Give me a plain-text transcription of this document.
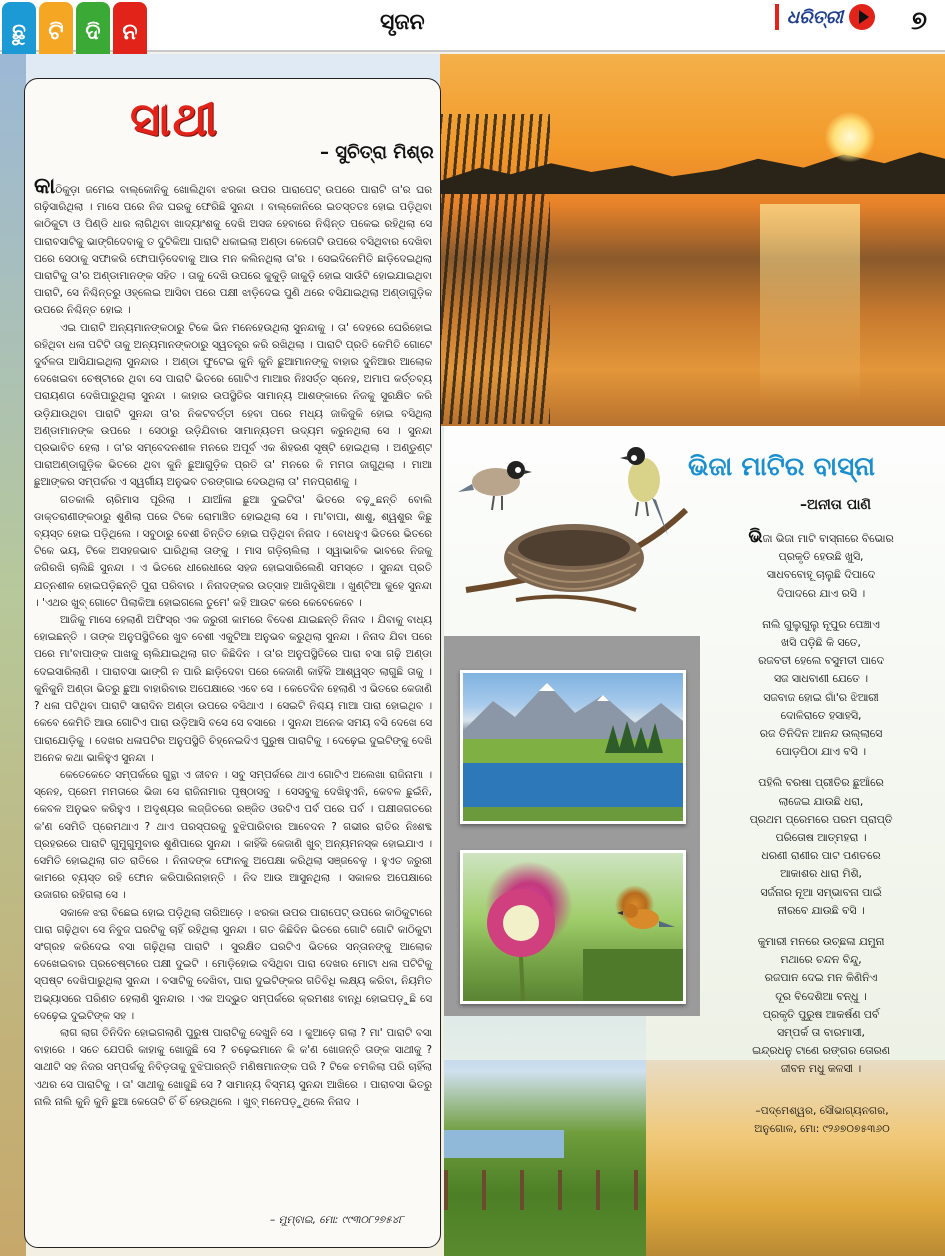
ଛୁ	ଟି ଦି ନ	ସୃଜନ	ଧରିତ୍ରୀ	୭
ସାଥୀ
– ସୁଚିତ୍ରା ମିଶ୍ର

କାଠିକୁଡ଼ା ଜମେଇ ବାଲ୍‌କୋନିକୁ ଖୋଲିଥିବା ଝରକା ଉପର ପାରାପେଟ୍ ଉପରେ ପାରାଟି ତା'ର ଘର ଗଢ଼ିସାରିଥିଲା । ମାସେ ପରେ ନିଜ ଘରକୁ ଫେରିଛି ସୁନନ୍ଦା । ବାଲ୍‌କୋନିରେ ଇତସ୍ତତଃ ହୋଇ ପଡ଼ିଥିବା କାଠିକୁଟା ଓ ପିଣ୍ଡି ଧାର ଲାଗିଥିବା ଖାଦ୍ୟାଂଶକୁ ଦେଖି ଅସଜ ହେବାରେ ନିଶ୍ଚିନ୍ତ ପକେଇ ରହିଥିଲା ସେ ପାରାବସାଟିକୁ ଭାଙ୍ଗିଦେବାକୁ ତ ଦୁଟିକିଆ ପାରାଟି ଧକାଇଲା ଅଣ୍ଡା କେତୋଟି ଉପରେ ବସିଥିବାର ଦେଖିବା ପରେ ସେଠାକୁ ସଫାକରି ଫୋପାଡ଼ିଦେବାକୁ ଆଉ ମନ କଲିନଥିଲା ତା'ର । ସେଇଦିନେମିତି ଛାଡ଼ିଦେଇଥିଲା ପାରାଟିକୁ ତା'ର ଅଣ୍ଡାମାନଙ୍କ ସହିତ । ତାକୁ ଦେଖି ଉପରେ କୁକୁଡ଼ି ଜାକୁଡ଼ି ହୋଇ ସାଉଁଟି ହୋଇଯାଇଥିବା ପାରାଟି, ସେ ନିଶ୍ଚିନ୍ତରୁ ଓହ୍ଲେଇ ଆସିବା ପରେ ପକ୍ଷୀ ଝାଡ଼ିଦେଇ ପୁଣି ଥରେ ବସିଯାଇଥିଲା ଅଣ୍ଡାଗୁଡ଼ିକ ଉପରେ ନିଶ୍ଚିନ୍ତ ହୋଇ ।

ଏଇ ପାରାଟି ଅନ୍ୟମାନଙ୍କଠାରୁ ଟିକେ ଭିନ ମନେହେଉଥିଲା ସୁନନ୍ଦାକୁ । ତା' ଦେହରେ ଘେରିହୋଇ ରହିଥିବା ଧଳା ପଟିଟି ତାକୁ ଅନ୍ୟମାନଙ୍କଠାରୁ ସ୍ୱତନ୍ତ୍ର କରି ରଖିଥିଲା । ପାରାଟି ପ୍ରତି କେମିତି ଗୋଟେ ଦୁର୍ବଳତା ଆସିଯାଇଥିଲା ସୁନନ୍ଦାର । ଅଣ୍ଡା ଫୁଟେଇ କୁନି କୁନି ଛୁଆମାନଙ୍କୁ ବାହାର ଦୁନିଆର ଆଲୋକ ଦେଖେଇବା ଚେଷ୍ଟାରେ ଥିବା ସେ ପାରାଟି ଭିତରେ ଗୋଟିଏ ମାଆର ନିଃସର୍ତ୍ତ ସ୍ନେହ, ଅମାପ କର୍ତ୍ତବ୍ୟ ପରାୟଣତା ଦେଖିପାରୁଥିଲା ସୁନନ୍ଦା । କାହାର ଉପସ୍ଥିତିର ସାମାନ୍ୟ ଆଶଙ୍କାରେ ନିଜକୁ ସୁରକ୍ଷିତ କରି ଉଡ଼ିଯାଉଥିବା ପାରାଟି ସୁନନ୍ଦା ତା'ର ନିକଟବର୍ତ୍ତୀ ହେବା ପରେ ମଧ୍ୟ ଜାକିଜୁକି ହୋଇ ବସିଥିଲା ଅଣ୍ଡାମାନଙ୍କ ଉପରେ । ସେଠାରୁ ଉଡ଼ିଯିବାର ସାମାନ୍ୟତମ ଉଦ୍ୟମ କରୁନଥିଲା ସେ । ସୁନନ୍ଦା ପ୍ରଭାବିତ ହେଲା । ତା'ର ସମ୍ବେଦନଶୀଳ ମନରେ ଅପୂର୍ବ ଏକ ଶିହରଣ ସୃଷ୍ଟି ହୋଇଥିଲା । ଅଣ୍ଡୁଣ୍ଟ ପାରାଅଣ୍ଡାଗୁଡ଼ିକ ଭିତରେ ଥିବା କୁନି ଛୁଆଗୁଡ଼ିକ ପ୍ରତି ତା' ମନରେ କି ମମତା ଜାଗୁଥିଲା । ମାଆ ଛୁଆଙ୍କର ସମ୍ପର୍କର ଏ ସ୍ୱର୍ଗୀୟ ଅନୁଭବ ତରଙ୍ଗାଇ ଦେଉଥିଲା ତା' ମନପ୍ରାଣକୁ ।

ଗତକାଲି ଚାରିମାସ ପୂରିଲା । ଯାଆଁଳା ଛୁଆ ଦୁଇଟିତା' ଭିତରେ ବଢ଼ୁଛନ୍ତି ବୋଲି ଡାକ୍ତରାଣୀଙ୍କଠାରୁ ଶୁଣିଲା ପରେ ଟିକେ ରୋମାଞ୍ଚିତ ହୋଇଥିଲା ସେ । ମା'ବାପା, ଶାଶୁ, ଶ୍ୱଶୁର କିଛୁ ବ୍ୟସ୍ତ ହୋଇ ପଡ଼ିଥିଲେ । ସବୁଠାରୁ ବେଶୀ ଚିନ୍ତିତ ହୋଇ ପଡ଼ିଥିବା ନିନାଦ । ବୋଧହୁଏ ଭିତରେ ଭିତରେ ଟିକେ ଭୟ, ଟିକେ ଅସହଜଭାବ ଘାରିଥିଲା ତାଙ୍କୁ । ମାସ ଗଡ଼ିଚାଲିଲା । ସ୍ୱାଭାବିକ ଭାବରେ ନିଜକୁ ଜଗିରଖି ଚାଲିଛି ସୁନନ୍ଦା । ଏ ଭିତରେ ଧୀରେଧୀରେ ସହଜ ହୋଇସାରିଲେଣି ସମସ୍ତେ । ସୁନନ୍ଦା ପ୍ରତି ଯତ୍ନଶୀଳ ହୋଇପଡ଼ିଛନ୍ତି ପୁରା ପରିବାର । ନିନାଦଙ୍କର ଉତ୍ସାହ ଆଖିଦୃଶିଆ । ଖୁଣ୍ଟିଆ କୁହେ ସୁନନ୍ଦା । 'ଏଥର ଖୁବ୍ ଗୋଟେ ପିଲାକିଆ ହୋଇଗଲେ ତୁମେ' କହି ଆଉଟ କରେ କେବେକେବେ ।

ଆଜିକୁ ମାସେ ହେଲାଣି ଅଫିସ୍‌ର ଏକ ଜରୁରୀ କାମରେ ବିଦେଶ ଯାଇଛନ୍ତି ନିନାଦ । ଯିବାକୁ ବାଧ୍ୟ ହୋଇଛନ୍ତି । ତାଙ୍କ ଅନୁପସ୍ଥିତିରେ ଖୁବ ବେଶୀ ଏକୁଟିଆ ଅନୁଭବ କରୁଥିଲା ସୁନନ୍ଦା । ନିନାଦ ଯିବା ପରେ ପରେ ମା'ବାପାଙ୍କ ପାଖକୁ ଚାଲିଯାଇଥିଲା ଗତ କିଛିଦିନ । ତା'ର ଅନୁପସ୍ଥିତିରେ ପାରା ବସା ଗଢ଼ି ଅଣ୍ଡା ଦେଇସାରିଲାଣି । ପାରାବସା ଭାଙ୍ଗି ନ ପାରି ଛାଡ଼ିଦେବା ପରେ କେଜାଣି କାହିଁକି ଆଶ୍ୱସ୍ତ ଲାଗୁଛି ତାକୁ । କୁନିକୁନି ଅଣ୍ଡା ଭିତରୁ ଛୁଆ ବାହାରିବାର ଅପେକ୍ଷାରେ ଏବେ ସେ । କେତେଦିନ ହେଲାଣି ଏ ଭିତରେ କେଜାଣି ? ଧଳା ପଟିଥିବା ପାରାଟି ସାରାଦିନ ଅଣ୍ଡା ଉପରେ ବସିଥାଏ । ସେଇଟି ନିଶ୍ଚୟ ମାଆ ପାରା ହୋଇଥିବ । କେବେ କେମିତି ଆଉ ଗୋଟିଏ ପାରା ଉଡ଼ିଆସି ବସେ ସେ ବସାରେ । ସୁନନ୍ଦା ଅନେକ ସମୟ ବସି ଦେଖେ ସେ ପାରାଯୋଡ଼ିକୁ । ଦେଖର ଧଳାପଟିର ଅନୁପସ୍ଥିତି ଚିହ୍ନେଇଦିଏ ପୁରୁଷ ପାରାଟିକୁ । ଦେଢ଼େଇ ଦୁଇଟିଙ୍କୁ ଦେଖି ଅନେକ କଥା ଭାଳିହୁଏ ସୁନନ୍ଦା ।

କେତେକେତେ ସମ୍ପର୍କରେ ଗୁନ୍ଥା ଏ ଜୀବନ । ସବୁ ସମ୍ପର୍କରେ ଥାଏ ଗୋଟିଏ ଅଲେଖା ରାଜିନାମା । ସ୍ନେହ, ପ୍ରେମ ମମତାରେ ଭିଜା ସେ ରାଜିନାମାର ପୃଷ୍ଠାସବୁ । ସେସବୁକୁ ଦେଖିହୁଏନି, କେବଳ ଛୁଇଁନି, କେବଳ ଅନୁଭବ କରିହୁଏ । ଅଦୃଶ୍ୟର ଲଜ୍ଜିତରେ ରଞ୍ଜିତ ଓରଟିଏ ପର୍ବ ପରେ ପର୍ବ । ପକ୍ଷୀଜଗତରେ କ'ଣ ସେମିତି ପ୍ରେମଥାଏ ? ଥାଏ ପରସ୍ପରକୁ ବୁଝିପାରିବାର ଆବେଦନ ? ଗଭୀର ରାତିର ନିଃଶବ୍ଦ ପ୍ରହରରେ ପାରାଟି ଗୁମୁଗୁମୁବାର ଶୁଣିପାରେ ସୁନନ୍ଦା । କାହିଁକି କେଜାଣି ଖୁବ୍ ଅନ୍ୟମନସ୍କ ହୋଇଯାଏ । ସେମିତି ହୋଇଥିଲା ଗତ ରାତିରେ । ନିନାଦଙ୍କ ଫୋନକୁ ଅପେକ୍ଷା କରିଥିଲା ସଞ୍ଜବେଳୁ । ହୁଏତ ଜରୁରୀ କାମରେ ବ୍ୟସ୍ତ ରହି ଫୋନ କରିପାରିନାହାନ୍ତି । ନିଦ ଆଉ ଆସୁନଥିଲା । ସକାଳର ଅପେକ୍ଷାରେ ଉଜାଗର ରହିଗଲା ସେ ।

ସକାଳେ ଝରା ବିଛେଇ ହୋଇ ପଡ଼ିଥିଲା ତାରିଆଡ଼େ । ଝରକା ଉପର ପାରାପେଟ୍ ଉପରେ କାଠିକୁଟାରେ ପାରା ଗଢ଼ିଥିବା ସେ ନିବୁଜ ଘରଟିକୁ ଚାହିଁ ରହିଥିଲା ସୁନନ୍ଦା । ଗତ କିଛିଦିନ ଭିତରେ ଗୋଟି ଗୋଟି କାଠିକୁଟା ସଂଗ୍ରହ କରିଦେଇ ବସା ଗଢ଼ିଥିଲା ପାରାଟି । ସୁରକ୍ଷିତ ଘରଟିଏ ଭିତରେ ସନ୍ତାନଙ୍କୁ ଆଲୋକ ଦେଖେଇବାର ପ୍ରଚେଷ୍ଟାରେ ପକ୍ଷୀ ଦୁଇଟି । ମୋଡ଼ିହୋଇ ବସିଥିବା ପାରା ଦେଖର ମୋଟା ଧଳା ପଟିଟିକୁ ସ୍ପଷ୍ଟ ଦେଖିପାରୁଥିଲା ସୁନନ୍ଦା । ବସାଟିକୁ ଦେଖିବା, ପାରା ଦୁଇଟିଙ୍କର ଗତିବିଧି ଲକ୍ଷ୍ୟ କରିବା, ନିୟମିତ ଅଭ୍ୟାସରେ ପରିଣତ ହେଲାଣି ସୁନନ୍ଦାର । ଏକ ଅଦ୍ଭୁତ ସମ୍ପର୍କରେ କ୍ରମଶଃ ବାନ୍ଧି ହୋଇପଡ଼ୁଛି ସେ ଦେଢ଼େଇ ଦୁଇଟିଙ୍କ ସହ ।

ଲାଗ ଲାଗ ତିନିଦିନ ହୋଇଗଲାଣି ପୁରୁଷ ପାରାଟିକୁ ଦେଖୁନି ସେ । କୁଆଡ଼େ ଗଲା ? ମା' ପାରାଟି ବସା ବାହାରେ । ସତେ ଯେପରି କାହାକୁ ଖୋଜୁଛି ସେ ? ଚଢ଼େଇମାନେ କି କ'ଣ ଖୋଜନ୍ତି ତାଙ୍କ ସାଥୀକୁ ? ସାଥୀଟି ସହ ନିଜର ସମ୍ପର୍କକୁ ନିବିଡ଼ତାକୁ ବୁଝିପାରନ୍ତି ମଣିଷମାନଙ୍କ ପରି ? ଟିକେ ଚମକିଲା ପରି ଚାହିଁଲା ଏଥର ସେ ପାରାଟିକୁ । ତା' ସାଥୀକୁ ଖୋଜୁଛି ସେ ? ସାମାନ୍ୟ ବିସ୍ମୟ ସୁନନ୍ଦା ଆଖିରେ । ପାରାବସା ଭିତରୁ ନାଲି ନାଲି କୁନି କୁନି ଛୁଆ କେତୋଟି ଚିଁ ଚିଁ ହେଉଥିଲେ । ଖୁବ୍ ମନେପଡ଼ୁଥିଲେ ନିନାଦ ।

– ମୁମ୍ବାଇ, ମୋ: ୯୯୩୦୮୨୭୫୪୮
ଭିଜା ମାଟିର ବାସ୍ନା
–ଅନୀତା ପାଣି
ଭିଜା ଭିଜା ମାଟି ବାସ୍ନାରେ ବିଭୋର
ପ୍ରକୃତି ହେଉଛି ଖୁସି,
ସାଧବବୋହୂ ଚାଲୁଛି ଦିପାଦେ
ଦିପାଦରେ ଯାଏ ରସି ।
ନାଲି ଗୁଲୁଗୁଲୁ ନୂପୁର ପେଞ୍ଚାଏ
ଖସି ପଡ଼ିଛି କି ସତେ,
ରଜବତୀ ହେଲେ ବସୁମତୀ ପାଦେ
ସଜ ସାଧବାଣୀ ଯେତେ ।
ସଜବାଜ ହୋଇ ଗାଁ'ର ଝିଆରୀ
ଦୋଳିରାତେ ହସାହସି,
ରଜ ତିନିଦିନ ଆନନ୍ଦ ଉଲ୍ଲାସେ
ପୋଡ଼ପିଠା ଯାଏ ବସି ।
ପହିଲି ବରଷା ପ୍ରୀତିର ଛୁଆଁରେ
ଲାଜେଇ ଯାଉଛି ଧରା,
ପ୍ରଥମ ପ୍ରେମରେ ପରମ ପ୍ରାପ୍ତି
ପରିତୋଷ ଆତ୍ମହରା ।
ଧରଣୀ ରାଣୀର ପାଟ ପଣତରେ
ଆକାଶର ଧାରା ମିଶି,
ସର୍ଜନାର ନୂଆ ସମ୍ଭାବନା ପାଇଁ
ନୀରବେ ଯାଉଛି ବସି ।
କୁମାରୀ ମନରେ ଉଚ୍ଛଳା ଯମୁନା
ମଥାରେ ଚନ୍ଦନ ବିନ୍ଦୁ,
ରଜପାନ ଦେଇ ମନ କିଣିନିଏ
ଦୂର ବିଦେଶିଆ ବନ୍ଧୁ ।
ପ୍ରକୃତି ପୁରୁଷ ଆକର୍ଷଣ ପର୍ବ
ସମ୍ପର୍କ ତା ବାରମାସୀ,
ଇନ୍ଦ୍ରଧନୁ ଟାଣେ ରଙ୍ଗର ତୋରଣ
ଜୀବନ ମଧୁ କଳସୀ ।
–ପଦ୍ମେଶ୍ୱର, ସୌଭାଗ୍ୟନଗର,
ଅନୁଗୋଳ, ମୋ: ୯୨୬୭୦୭୫୩୬୦
